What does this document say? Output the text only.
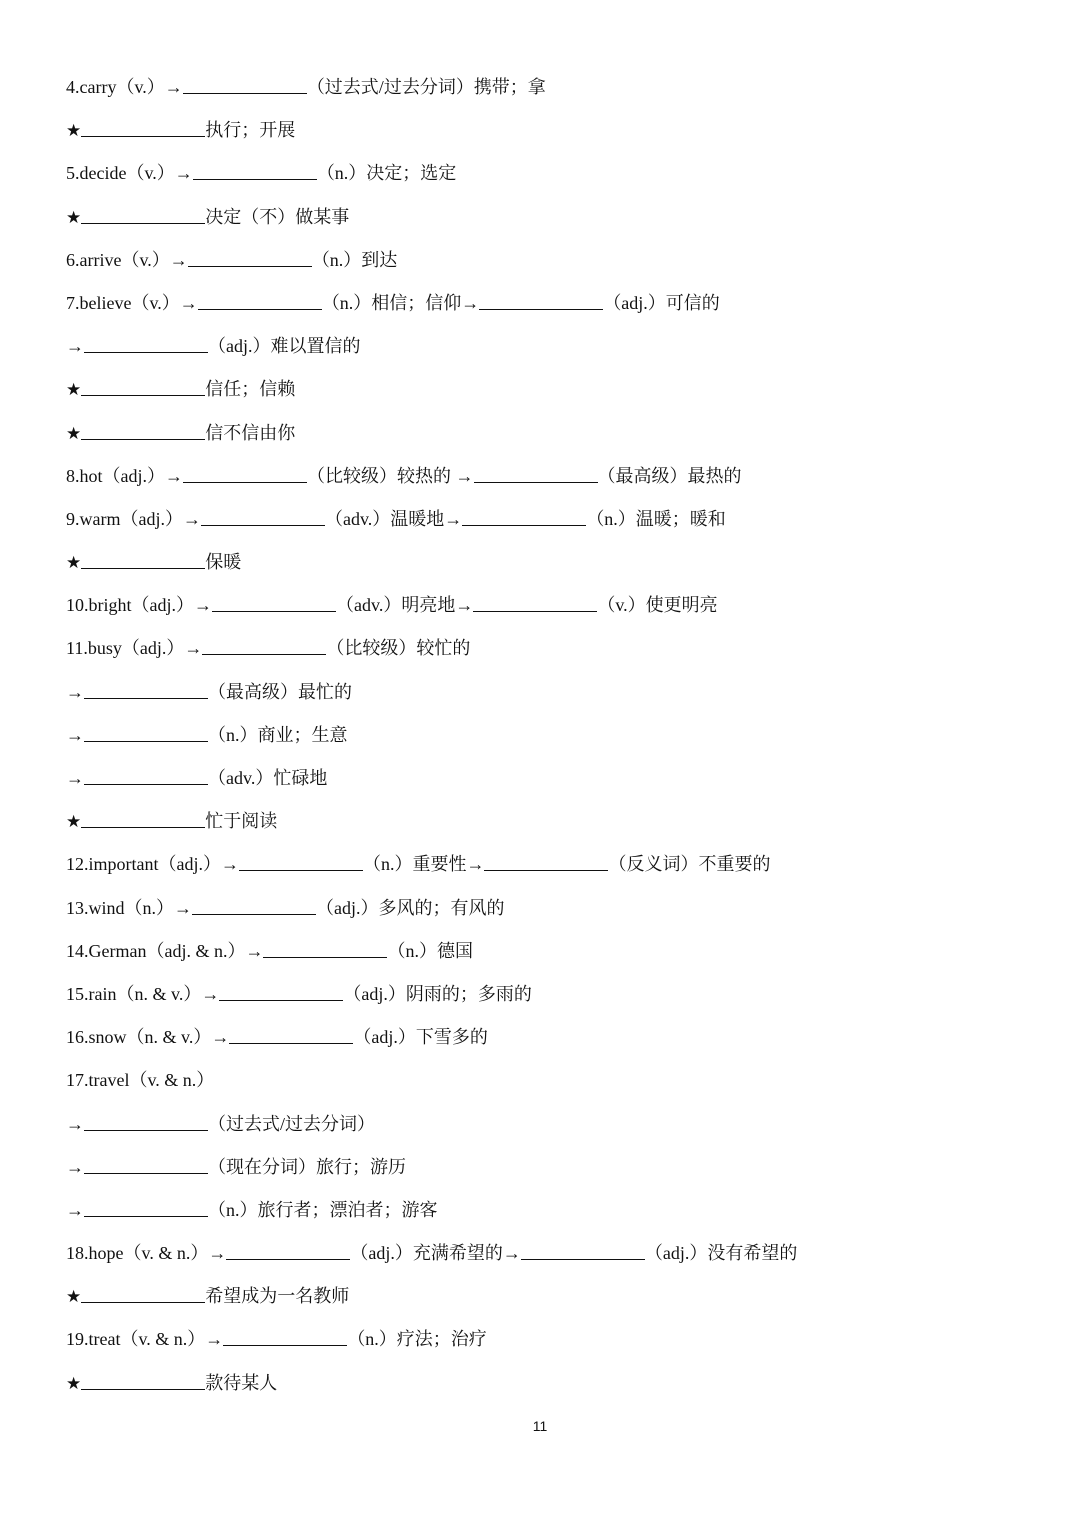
4.carry（v.）→	（过去式/过去分词）携带；拿
★	执行；开展
5.decide（v.）→	（n.）决定；选定
★	决定（不）做某事
6.arrive（v.）→	（n.）到达
7.believe（v.）→	（n.）相信；信仰→	（adj.）可信的
→	（adj.）难以置信的
★	信任；信赖
★	信不信由你
8.hot（adj.）→	（比较级）较热的 →	（最高级）最热的
9.warm（adj.）→	（adv.）温暖地→	（n.）温暖；暖和
★	保暖
10.bright（adj.）→	（adv.）明亮地→	（v.）使更明亮
11.busy（adj.）→	（比较级）较忙的
→	（最高级）最忙的
→	（n.）商业；生意
→	（adv.）忙碌地
★	忙于阅读
12.important（adj.）→	（n.）重要性→	（反义词）不重要的
13.wind（n.）→	（adj.）多风的；有风的
14.German（adj. & n.）→	（n.）德国
15.rain（n. & v.）→	（adj.）阴雨的；多雨的
16.snow（n. & v.）→	（adj.）下雪多的
17.travel（v. & n.）
→	（过去式/过去分词）
→	（现在分词）旅行；游历
→	（n.）旅行者；漂泊者；游客
18.hope（v. & n.）→	（adj.）充满希望的→	（adj.）没有希望的
★	希望成为一名教师
19.treat（v. & n.）→	（n.）疗法；治疗
★	款待某人
11
